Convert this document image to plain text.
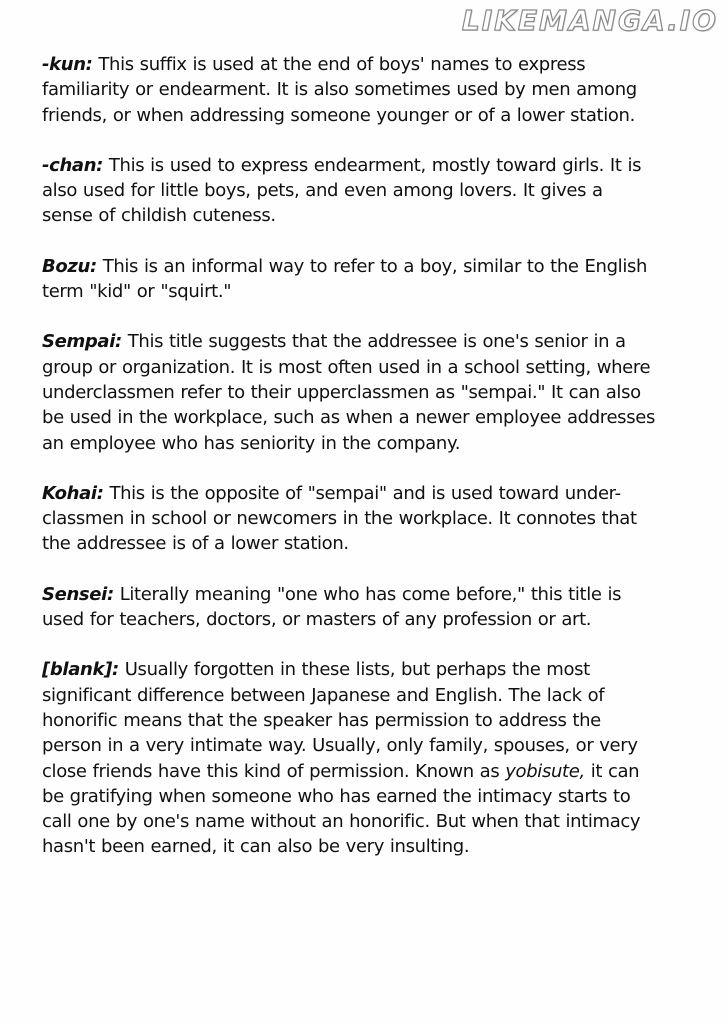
LIKEMANGA.IO

-kun: This suffix is used at the end of boys' names to express familiarity or endearment. It is also sometimes used by men among friends, or when addressing someone younger or of a lower station.

-chan: This is used to express endearment, mostly toward girls. It is also used for little boys, pets, and even among lovers. It gives a sense of childish cuteness.

Bozu: This is an informal way to refer to a boy, similar to the English term "kid" or "squirt."

Sempai: This title suggests that the addressee is one's senior in a group or organization. It is most often used in a school setting, where underclassmen refer to their upperclassmen as "sempai." It can also be used in the workplace, such as when a newer employee addresses an employee who has seniority in the company.

Kohai: This is the opposite of "sempai" and is used toward under-classmen in school or newcomers in the workplace. It connotes that the addressee is of a lower station.

Sensei: Literally meaning "one who has come before," this title is used for teachers, doctors, or masters of any profession or art.

[blank]: Usually forgotten in these lists, but perhaps the most significant difference between Japanese and English. The lack of honorific means that the speaker has permission to address the person in a very intimate way. Usually, only family, spouses, or very close friends have this kind of permission. Known as yobisute, it can be gratifying when someone who has earned the intimacy starts to call one by one's name without an honorific. But when that intimacy hasn't been earned, it can also be very insulting.
